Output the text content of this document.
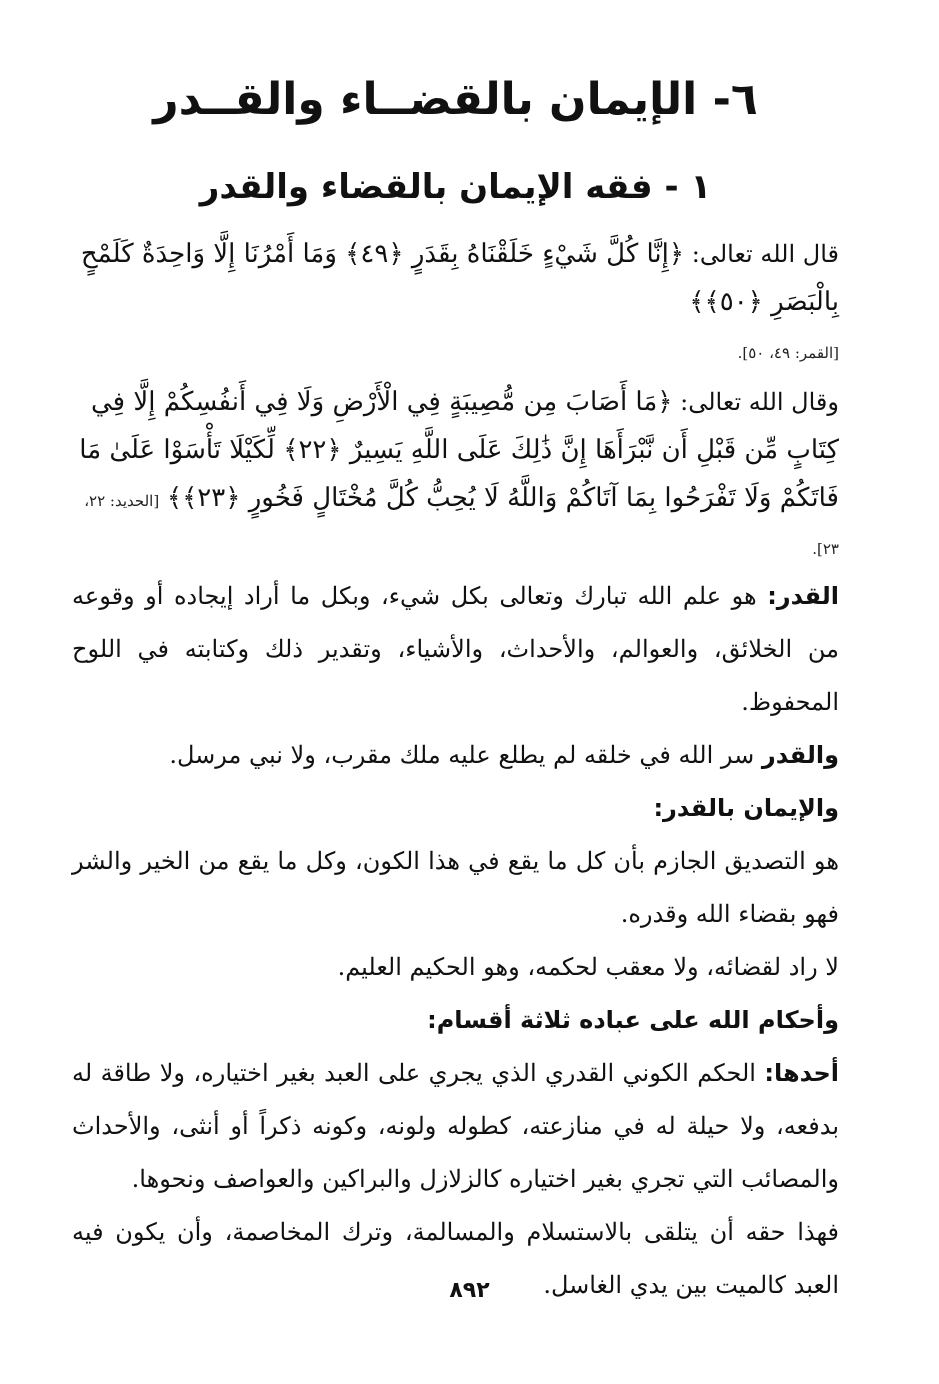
٦- الإيمان بالقضــاء والقــدر
١ - فقه الإيمان بالقضاء والقدر
قال الله تعالى: ﴿إِنَّا كُلَّ شَيْءٍ خَلَقْنَاهُ بِقَدَرٍ ﴿٤٩﴾ وَمَا أَمْرُنَا إِلَّا وَاحِدَةٌ كَلَمْحٍ بِالْبَصَرِ ﴿٥٠﴾﴾
[القمر: ٤٩، ٥٠].
وقال الله تعالى: ﴿مَا أَصَابَ مِن مُّصِيبَةٍ فِي الْأَرْضِ وَلَا فِي أَنفُسِكُمْ إِلَّا فِي كِتَابٍ مِّن قَبْلِ أَن نَّبْرَأَهَا إِنَّ ذَٰلِكَ عَلَى اللَّهِ يَسِيرٌ ﴿٢٢﴾ لِّكَيْلَا تَأْسَوْا عَلَىٰ مَا فَاتَكُمْ وَلَا تَفْرَحُوا بِمَا آتَاكُمْ وَاللَّهُ لَا يُحِبُّ كُلَّ مُخْتَالٍ فَخُورٍ ﴿٢٣﴾﴾ [الحديد: ٢٢، ٢٣].

القدر: هو علم الله تبارك وتعالى بكل شيء، وبكل ما أراد إيجاده أو وقوعه من الخلائق، والعوالم، والأحداث، والأشياء، وتقدير ذلك وكتابته في اللوح المحفوظ.

والقدر سر الله في خلقه لم يطلع عليه ملك مقرب، ولا نبي مرسل.

والإيمان بالقدر:

هو التصديق الجازم بأن كل ما يقع في هذا الكون، وكل ما يقع من الخير والشر فهو بقضاء الله وقدره.

لا راد لقضائه، ولا معقب لحكمه، وهو الحكيم العليم.

وأحكام الله على عباده ثلاثة أقسام:

أحدها: الحكم الكوني القدري الذي يجري على العبد بغير اختياره، ولا طاقة له بدفعه، ولا حيلة له في منازعته، كطوله ولونه، وكونه ذكراً أو أنثى، والأحداث والمصائب التي تجري بغير اختياره كالزلازل والبراكين والعواصف ونحوها.

فهذا حقه أن يتلقى بالاستسلام والمسالمة، وترك المخاصمة، وأن يكون فيه العبد كالميت بين يدي الغاسل.

٨٩٢
